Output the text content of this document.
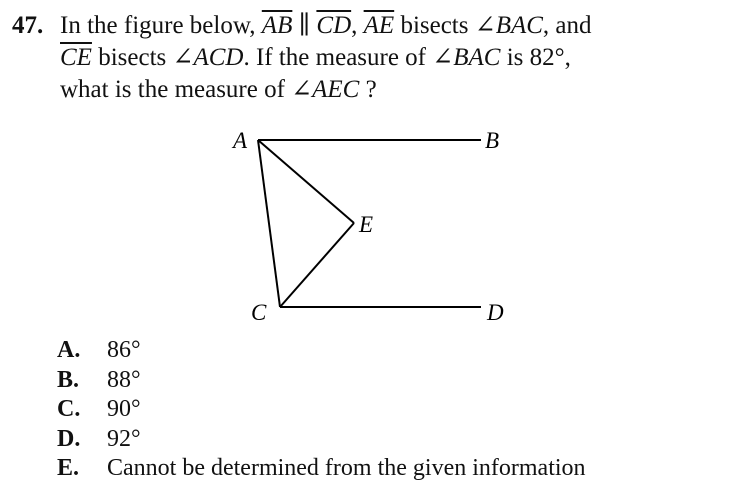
47. In the figure below, $\overline{AB}$ ∥ $\overline{CD}$, $\overline{AE}$ bisects ∠BAC, and
$\overline{CE}$ bisects ∠ACD. If the measure of ∠BAC is 82°,
what is the measure of ∠AEC ?
A	B
C	D
E
A. 86°
B. 88°
C. 90°
D. 92°
E. Cannot be determined from the given information
